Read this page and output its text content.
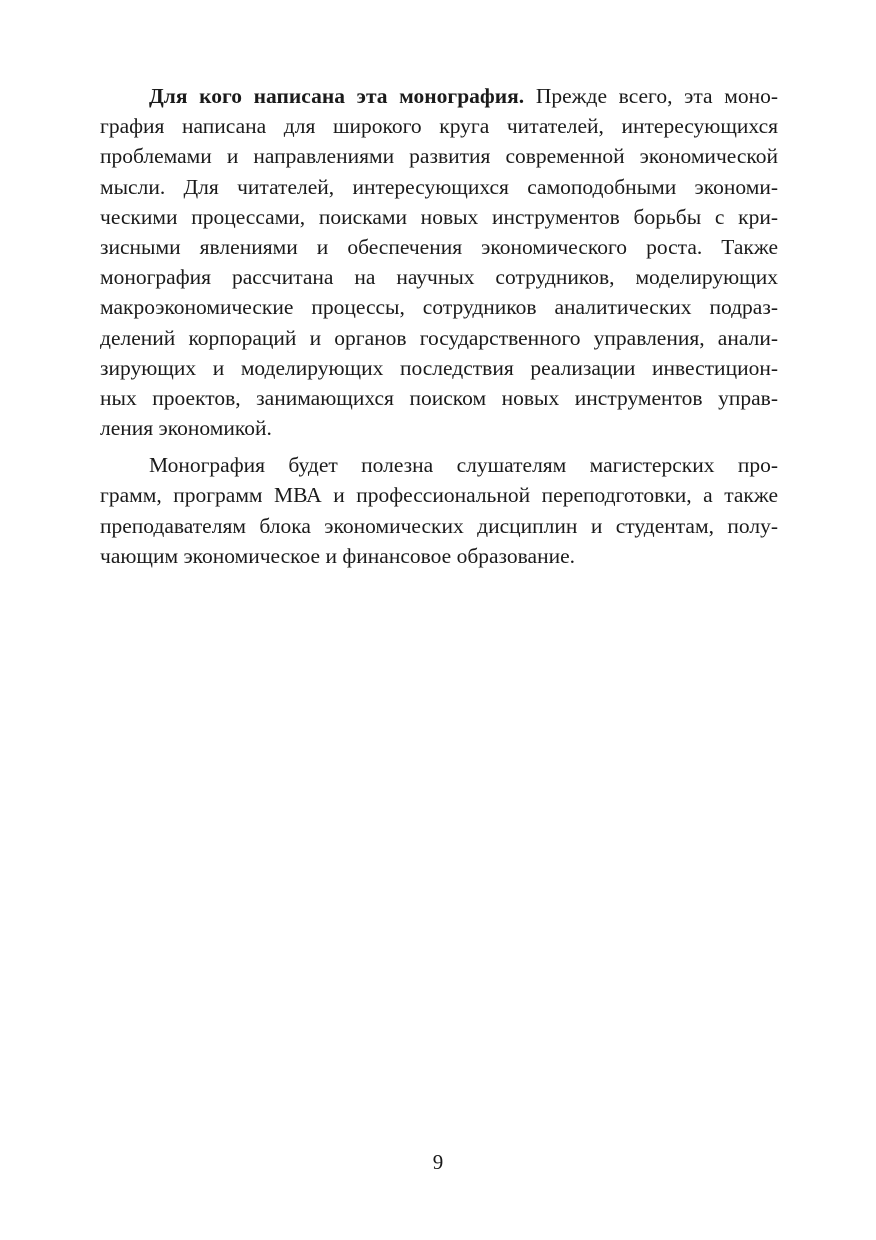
Для кого написана эта монография. Прежде всего, эта моно-
графия написана для широкого круга читателей, интересующихся
проблемами и направлениями развития современной экономической
мысли. Для читателей, интересующихся самоподобными экономи-
ческими процессами, поисками новых инструментов борьбы с кри-
зисными явлениями и обеспечения экономического роста. Также
монография рассчитана на научных сотрудников, моделирующих
макроэкономические процессы, сотрудников аналитических подраз-
делений корпораций и органов государственного управления, анали-
зирующих и моделирующих последствия реализации инвестицион-
ных проектов, занимающихся поиском новых инструментов управ-
ления экономикой.
Монография будет полезна слушателям магистерских про-
грамм, программ МВА и профессиональной переподготовки, а также
преподавателям блока экономических дисциплин и студентам, полу-
чающим экономическое и финансовое образование.
9
